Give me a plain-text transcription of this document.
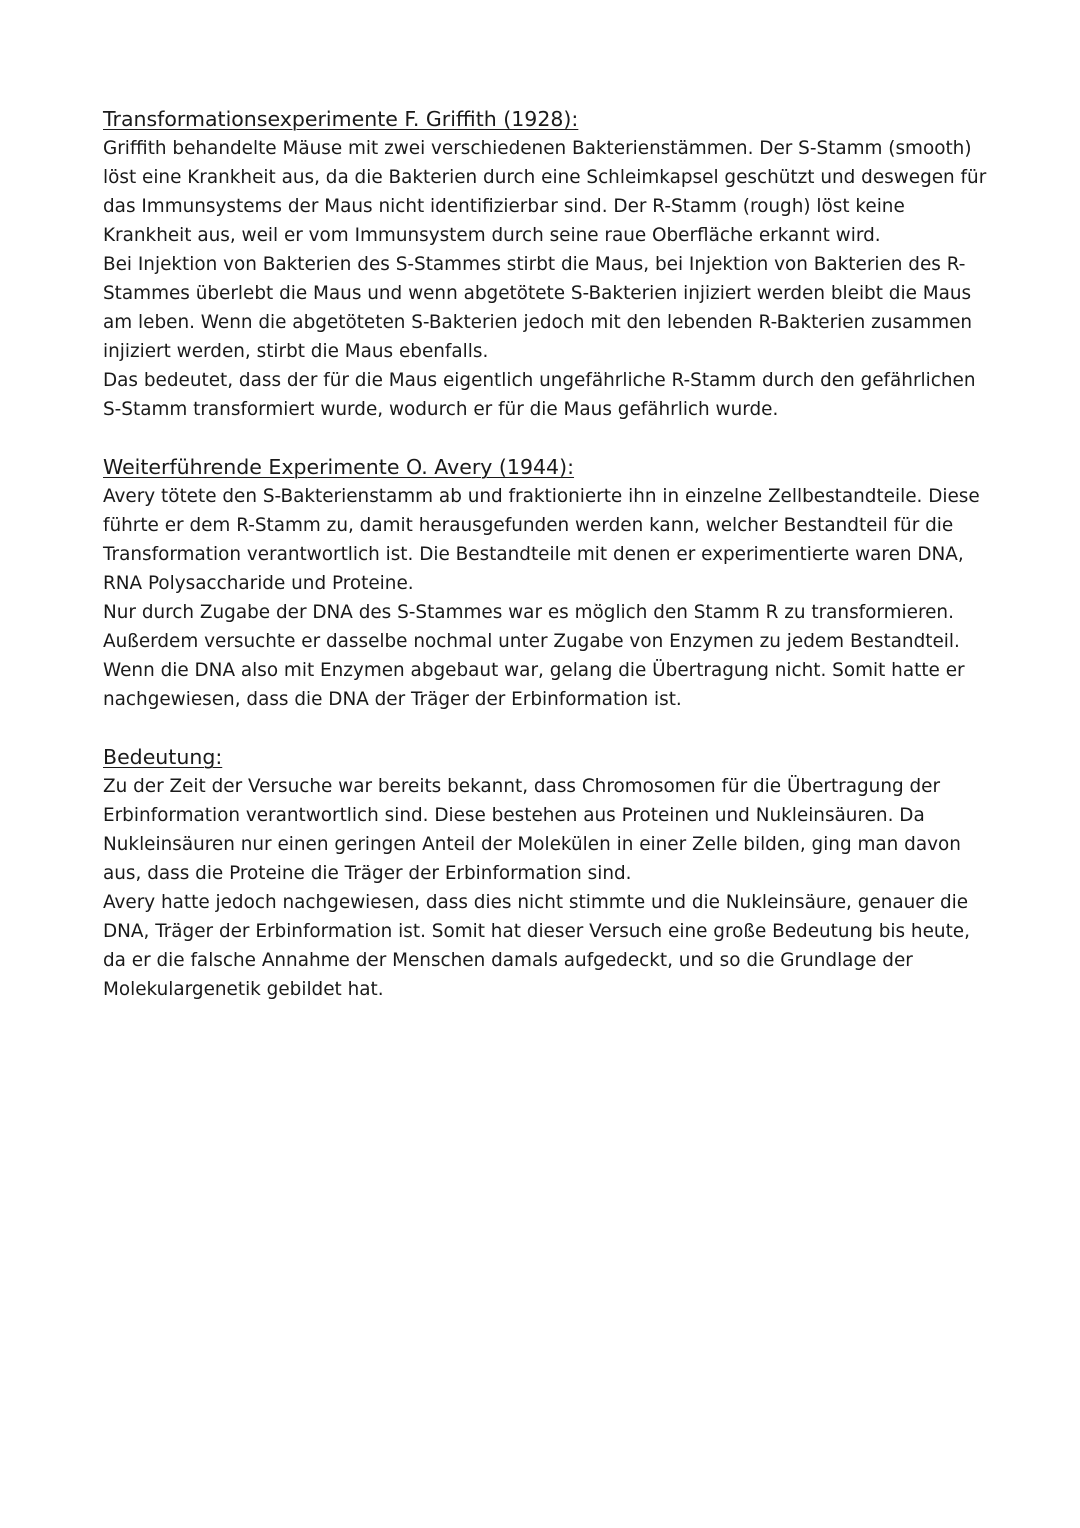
Transformationsexperimente F. Griffith (1928):

Griffith behandelte Mäuse mit zwei verschiedenen Bakterienstämmen. Der S-Stamm (smooth) löst eine Krankheit aus, da die Bakterien durch eine Schleimkapsel geschützt und deswegen für das Immunsystems der Maus nicht identifizierbar sind. Der R-Stamm (rough) löst keine Krankheit aus, weil er vom Immunsystem durch seine raue Oberfläche erkannt wird.

Bei Injektion von Bakterien des S-Stammes stirbt die Maus, bei Injektion von Bakterien des R-Stammes überlebt die Maus und wenn abgetötete S-Bakterien injiziert werden bleibt die Maus am leben. Wenn die abgetöteten S-Bakterien jedoch mit den lebenden R-Bakterien zusammen injiziert werden, stirbt die Maus ebenfalls.

Das bedeutet, dass der für die Maus eigentlich ungefährliche R-Stamm durch den gefährlichen S-Stamm transformiert wurde, wodurch er für die Maus gefährlich wurde.

Weiterführende Experimente O. Avery (1944):

Avery tötete den S-Bakterienstamm ab und fraktionierte ihn in einzelne Zellbestandteile. Diese führte er dem R-Stamm zu, damit herausgefunden werden kann, welcher Bestandteil für die Transformation verantwortlich ist. Die Bestandteile mit denen er experimentierte waren DNA, RNA Polysaccharide und Proteine.

Nur durch Zugabe der DNA des S-Stammes war es möglich den Stamm R zu transformieren. Außerdem versuchte er dasselbe nochmal unter Zugabe von Enzymen zu jedem Bestandteil. Wenn die DNA also mit Enzymen abgebaut war, gelang die Übertragung nicht. Somit hatte er nachgewiesen, dass die DNA der Träger der Erbinformation ist.

Bedeutung:

Zu der Zeit der Versuche war bereits bekannt, dass Chromosomen für die Übertragung der Erbinformation verantwortlich sind. Diese bestehen aus Proteinen und Nukleinsäuren. Da Nukleinsäuren nur einen geringen Anteil der Molekülen in einer Zelle bilden, ging man davon aus, dass die Proteine die Träger der Erbinformation sind.

Avery hatte jedoch nachgewiesen, dass dies nicht stimmte und die Nukleinsäure, genauer die DNA, Träger der Erbinformation ist. Somit hat dieser Versuch eine große Bedeutung bis heute, da er die falsche Annahme der Menschen damals aufgedeckt, und so die Grundlage der Molekulargenetik gebildet hat.
